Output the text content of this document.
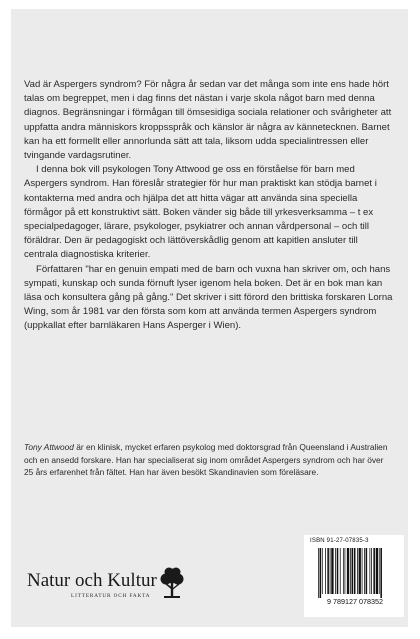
Vad är Aspergers syndrom? För några år sedan var det många som inte ens hade hört talas om begreppet, men i dag finns det nästan i varje skola något barn med denna diagnos. Begränsningar i förmågan till ömsesidiga sociala relationer och svårigheter att uppfatta andra människors kroppsspråk och känslor är några av kännetecknen. Barnet kan ha ett formellt eller annorlunda sätt att tala, liksom udda specialintressen eller tvingande vardagsrutiner.

I denna bok vill psykologen Tony Attwood ge oss en förståelse för barn med Aspergers syndrom. Han föreslår strategier för hur man praktiskt kan stödja barnet i kontakterna med andra och hjälpa det att hitta vägar att använda sina speciella förmågor på ett konstruktivt sätt. Boken vänder sig både till yrkesverksamma – t ex specialpedagoger, lärare, psykologer, psykiatrer och annan vårdpersonal – och till föräldrar. Den är pedagogiskt och lättöverskådlig genom att kapitlen ansluter till centrala diagnostiska kriterier.

Författaren "har en genuin empati med de barn och vuxna han skriver om, och hans sympati, kunskap och sunda förnuft lyser igenom hela boken. Det är en bok man kan läsa och konsultera gång på gång." Det skriver i sitt förord den brittiska forskaren Lorna Wing, som år 1981 var den första som kom att använda termen Aspergers syndrom (uppkallat efter barnläkaren Hans Asperger i Wien).

Tony Attwood är en klinisk, mycket erfaren psykolog med doktorsgrad från Queensland i Australien och en ansedd forskare. Han har specialiserat sig inom området Aspergers syndrom och har över 25 års erfarenhet från fältet. Han har även besökt Skandinavien som föreläsare.

Natur och Kultur
LITTERATUR OCH FAKTA
ISBN 91-27-07835-3
9 789127 078352
